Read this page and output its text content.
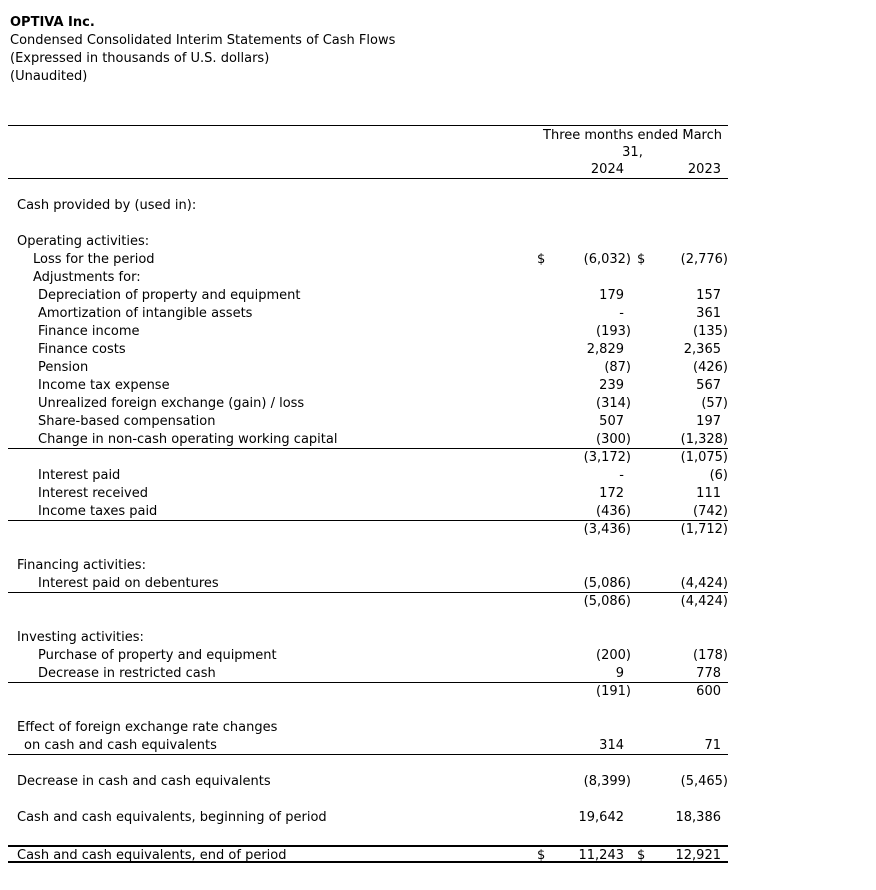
OPTIVA Inc.
Condensed Consolidated Interim Statements of Cash Flows
(Expressed in thousands of U.S. dollars)
(Unaudited)
Three months ended March
31,
2024	2023
Cash provided by (used in):
Operating activities:
Loss for the period	$	(6,032) $	(2,776)
Adjustments for:
Depreciation of property and equipment	179	157
Amortization of intangible assets	-	361
Finance income	(193)	(135)
Finance costs	2,829	2,365
Pension	(87)	(426)
Income tax expense	239	567
Unrealized foreign exchange (gain) / loss	(314)	(57)
Share-based compensation	507	197
Change in non-cash operating working capital	(300)	(1,328)
(3,172)	(1,075)
Interest paid	-	(6)
Interest received	172	111
Income taxes paid	(436)	(742)
(3,436)	(1,712)
Financing activities:
Interest paid on debentures	(5,086)	(4,424)
(5,086)	(4,424)
Investing activities:
Purchase of property and equipment	(200)	(178)
Decrease in restricted cash	9	778
(191)	600
Effect of foreign exchange rate changes
on cash and cash equivalents	314	71
Decrease in cash and cash equivalents	(8,399)	(5,465)
Cash and cash equivalents, beginning of period	19,642	18,386
Cash and cash equivalents, end of period	$	11,243	$	12,921
